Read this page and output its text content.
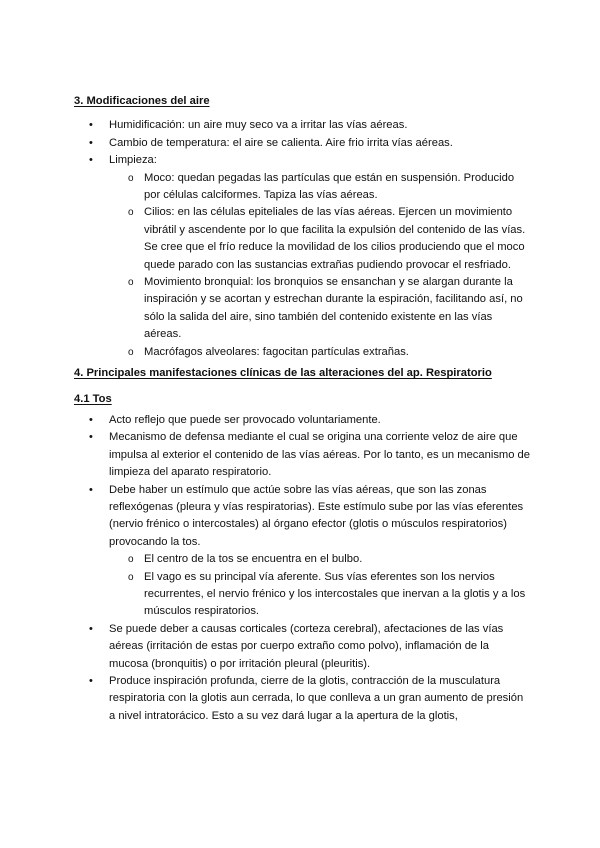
3. Modificaciones del aire

• Humidificación: un aire muy seco va a irritar las vías aéreas.
• Cambio de temperatura: el aire se calienta. Aire frio irrita vías aéreas.
• Limpieza:
o Moco: quedan pegadas las partículas que están en suspensión. Producido por células calciformes. Tapiza las vías aéreas.
o Cilios: en las células epiteliales de las vías aéreas. Ejercen un movimiento vibrátil y ascendente por lo que facilita la expulsión del contenido de las vías. Se cree que el frío reduce la movilidad de los cilios produciendo que el moco quede parado con las sustancias extrañas pudiendo provocar el resfriado.
o Movimiento bronquial: los bronquios se ensanchan y se alargan durante la inspiración y se acortan y estrechan durante la espiración, facilitando así, no sólo la salida del aire, sino también del contenido existente en las vías aéreas.
o Macrófagos alveolares: fagocitan partículas extrañas.

4. Principales manifestaciones clínicas de las alteraciones del ap. Respiratorio

4.1 Tos

• Acto reflejo que puede ser provocado voluntariamente.
• Mecanismo de defensa mediante el cual se origina una corriente veloz de aire que impulsa al exterior el contenido de las vías aéreas. Por lo tanto, es un mecanismo de limpieza del aparato respiratorio.
• Debe haber un estímulo que actúe sobre las vías aéreas, que son las zonas reflexógenas (pleura y vías respiratorias). Este estímulo sube por las vías eferentes (nervio frénico o intercostales) al órgano efector (glotis o músculos respiratorios) provocando la tos.
o El centro de la tos se encuentra en el bulbo.
o El vago es su principal vía aferente. Sus vías eferentes son los nervios recurrentes, el nervio frénico y los intercostales que inervan a la glotis y a los músculos respiratorios.
• Se puede deber a causas corticales (corteza cerebral), afectaciones de las vías aéreas (irritación de estas por cuerpo extraño como polvo), inflamación de la mucosa (bronquitis) o por irritación pleural (pleuritis).
• Produce inspiración profunda, cierre de la glotis, contracción de la musculatura respiratoria con la glotis aun cerrada, lo que conlleva a un gran aumento de presión a nivel intratorácico. Esto a su vez dará lugar a la apertura de la glotis,
